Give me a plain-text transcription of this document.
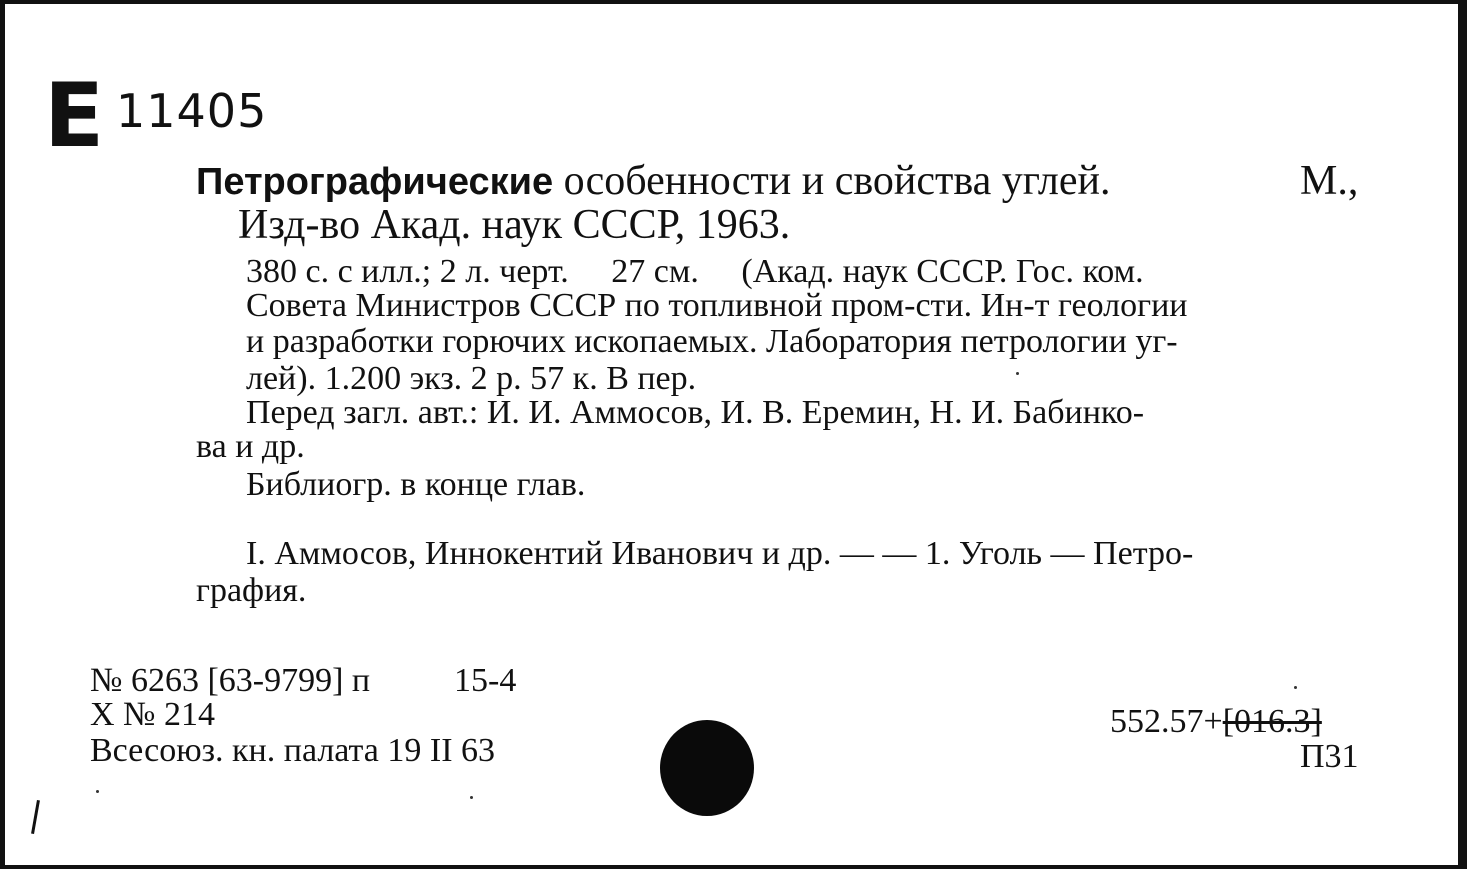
E 11405
Петрографические особенности и свойства углей.	М.,
Изд-во Акад. наук СССР, 1963.
380 с. с илл.; 2 л. черт.     27 см.     (Акад. наук СССР. Гос. ком.
Совета Министров СССР по топливной пром-сти. Ин-т геологии
и разработки горючих ископаемых. Лаборатория петрологии уг-
лей). 1.200 экз. 2 р. 57 к. В пер.
Перед загл. авт.: И. И. Аммосов, И. В. Еремин, Н. И. Бабинко-
ва и др.
Библиогр. в конце глав.
I. Аммосов, Иннокентий Иванович и др. — — 1. Уголь — Петро-
графия.
№ 6263 [63-9799] п 15-4
Х № 214
Всесоюз. кн. палата 19 II 63
552.57+[016.3]
П31
